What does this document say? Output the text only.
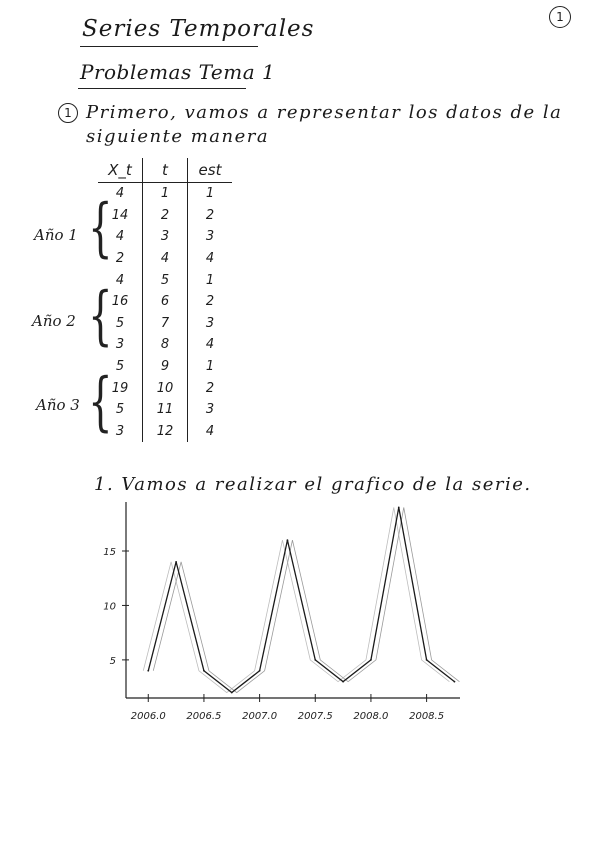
1
Series Temporales
Problemas Tema 1
1 Primero, vamos a representar los datos de la
siguiente manera
X_t	t	est
4	1	1
14	2	2
4	3	3
2	4	4
4	5	1
16	6	2
5	7	3
3	8	4
5	9	1
19	10	2
5	11	3
3	12	4
Año 1 {
Año 2 {
Año 3 {
1. Vamos a realizar el grafico de la serie.
2006.0 2006.5 2007.0 2007.5 2008.0 2008.5
5
10
15
